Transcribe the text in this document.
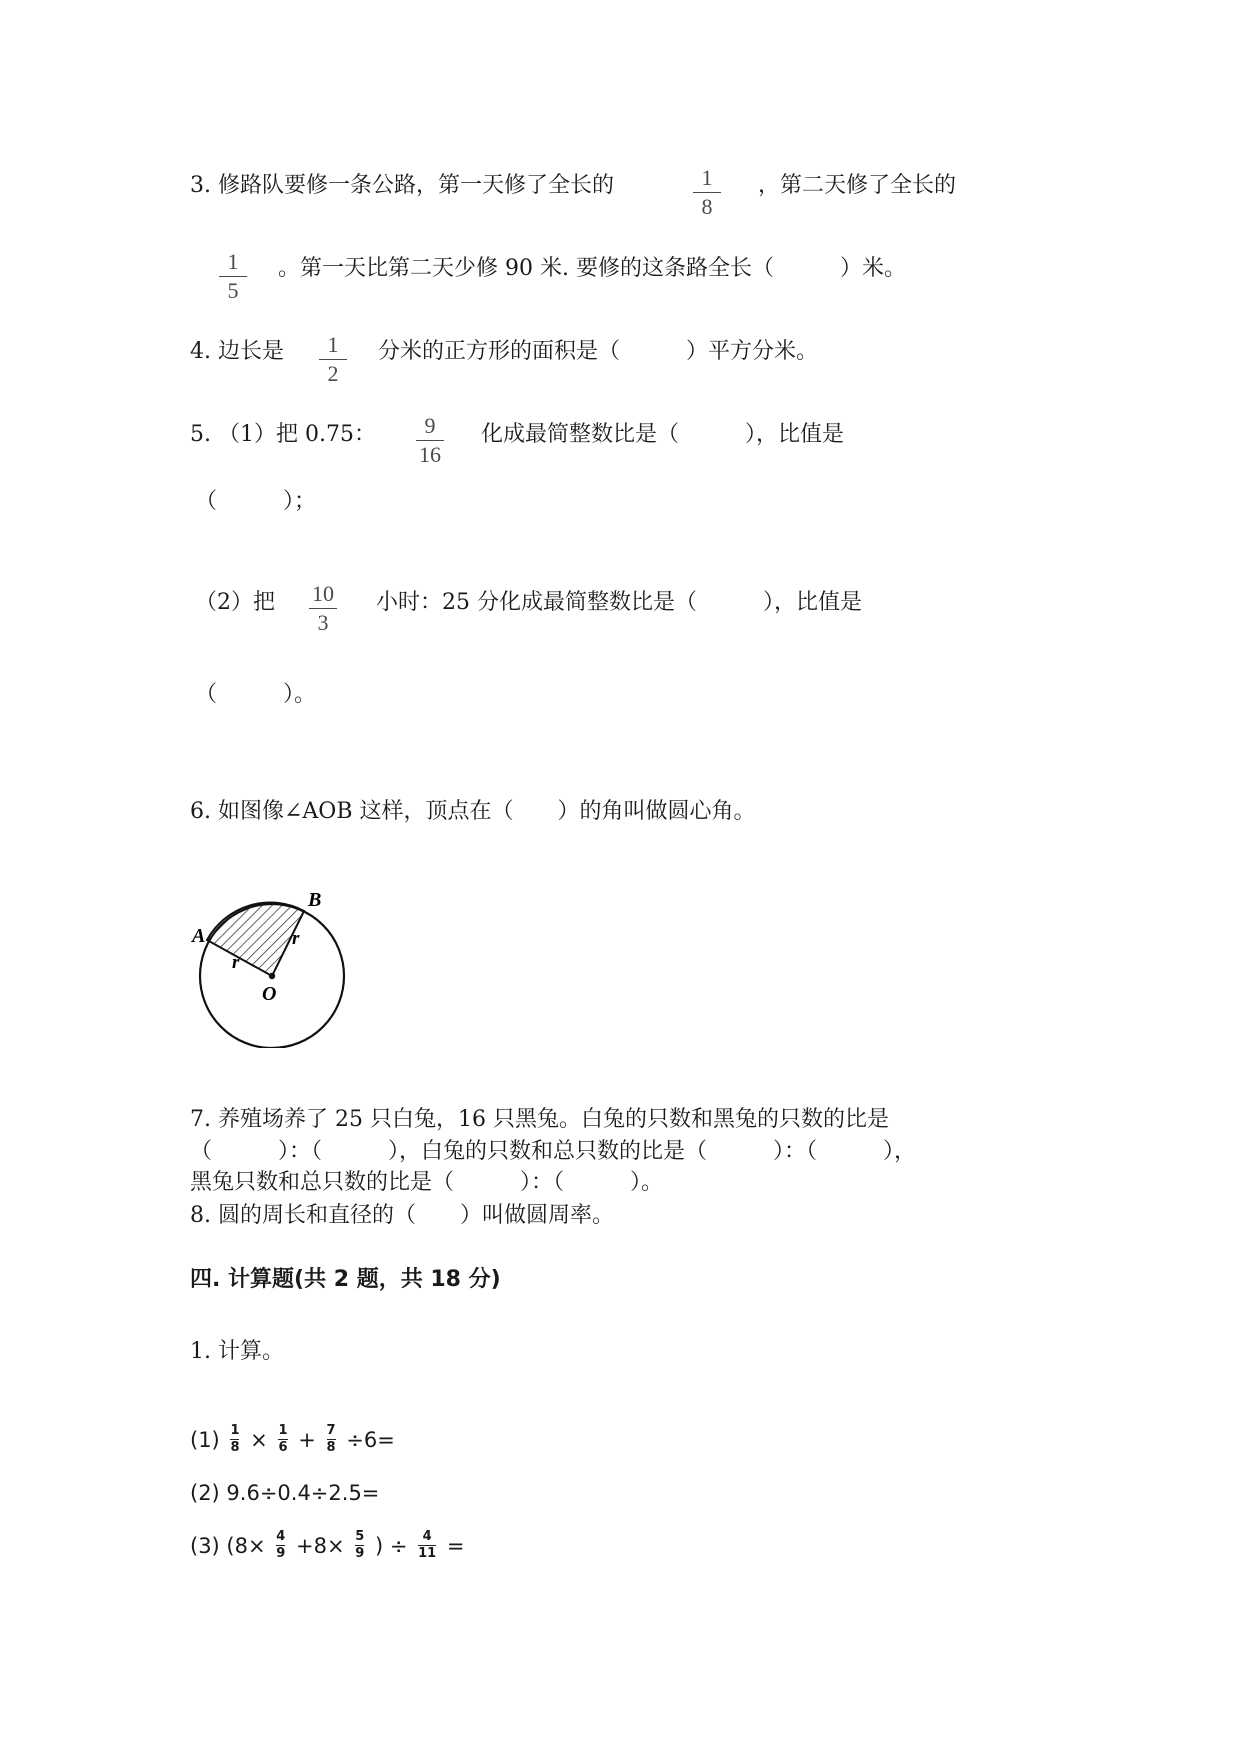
3. 修路队要修一条公路，第一天修了全长的	1
8
，第二天修了全长的
1
5
。第一天比第二天少修 90 米. 要修的这条路全长（　　　）米。
4. 边长是	1
2
分米的正方形的面积是（　　　）平方分米。
5. （1）把 0.75：	9
16
化成最简整数比是（　　　），比值是
（　　　）；
（2）把	10
3
小时：25 分化成最简整数比是（　　　），比值是
（　　　）。
6. 如图像∠AOB 这样，顶点在（　　）的角叫做圆心角。
A
B
O
r
r
7. 养殖场养了 25 只白兔，16 只黑兔。白兔的只数和黑兔的只数的比是
（　　　）：（　　　），白兔的只数和总只数的比是（　　　）：（　　　），
黑兔只数和总只数的比是（　　　）：（　　　）。
8. 圆的周长和直径的（　　）叫做圆周率。
四. 计算题(共 2 题，共 18 分)
1. 计算。
$(1) \frac{1}{8} \times \frac{1}{6} + \frac{7}{8} \div 6=$
(2) 9.6÷0.4÷2.5=
(3) ($8\times \frac{4}{9} +8\times \frac{5}{9}$ ) ÷ $\frac{4}{11}$ =
